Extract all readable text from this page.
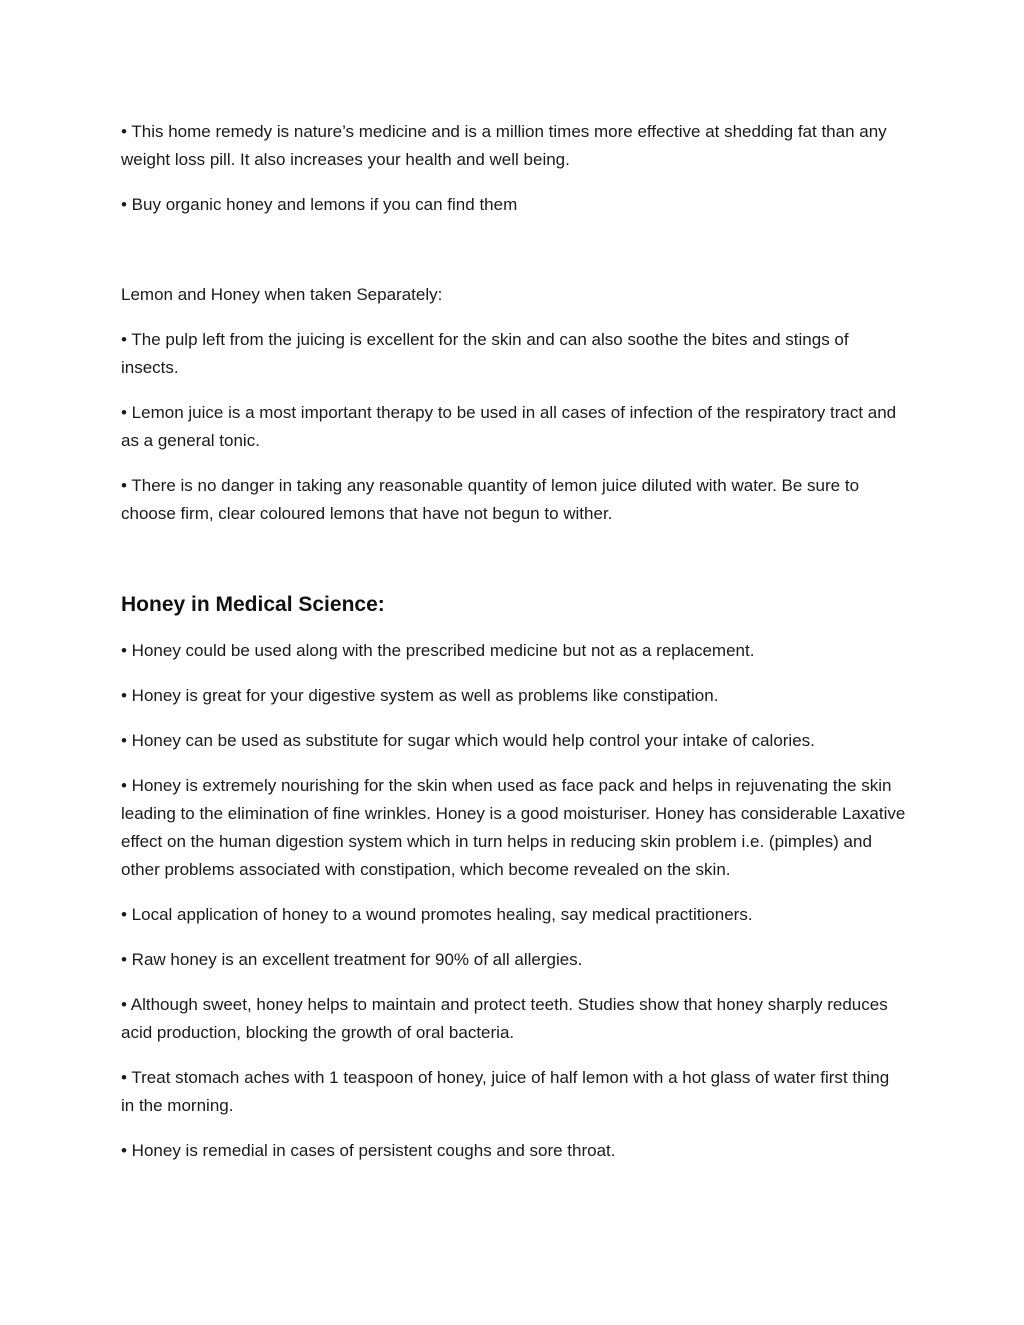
• This home remedy is nature’s medicine and is a million times more effective at shedding fat than any weight loss pill. It also increases your health and well being.

• Buy organic honey and lemons if you can find them

Lemon and Honey when taken Separately:

• The pulp left from the juicing is excellent for the skin and can also soothe the bites and stings of insects.

• Lemon juice is a most important therapy to be used in all cases of infection of the respiratory tract and as a general tonic.

• There is no danger in taking any reasonable quantity of lemon juice diluted with water. Be sure to choose firm, clear coloured lemons that have not begun to wither.

Honey in Medical Science:

• Honey could be used along with the prescribed medicine but not as a replacement.

• Honey is great for your digestive system as well as problems like constipation.

• Honey can be used as substitute for sugar which would help control your intake of calories.

• Honey is extremely nourishing for the skin when used as face pack and helps in rejuvenating the skin leading to the elimination of fine wrinkles. Honey is a good moisturiser. Honey has considerable Laxative effect on the human digestion system which in turn helps in reducing skin problem i.e. (pimples) and other problems associated with constipation, which become revealed on the skin.

• Local application of honey to a wound promotes healing, say medical practitioners.

• Raw honey is an excellent treatment for 90% of all allergies.

• Although sweet, honey helps to maintain and protect teeth. Studies show that honey sharply reduces acid production, blocking the growth of oral bacteria.

• Treat stomach aches with 1 teaspoon of honey, juice of half lemon with a hot glass of water first thing in the morning.

• Honey is remedial in cases of persistent coughs and sore throat.
